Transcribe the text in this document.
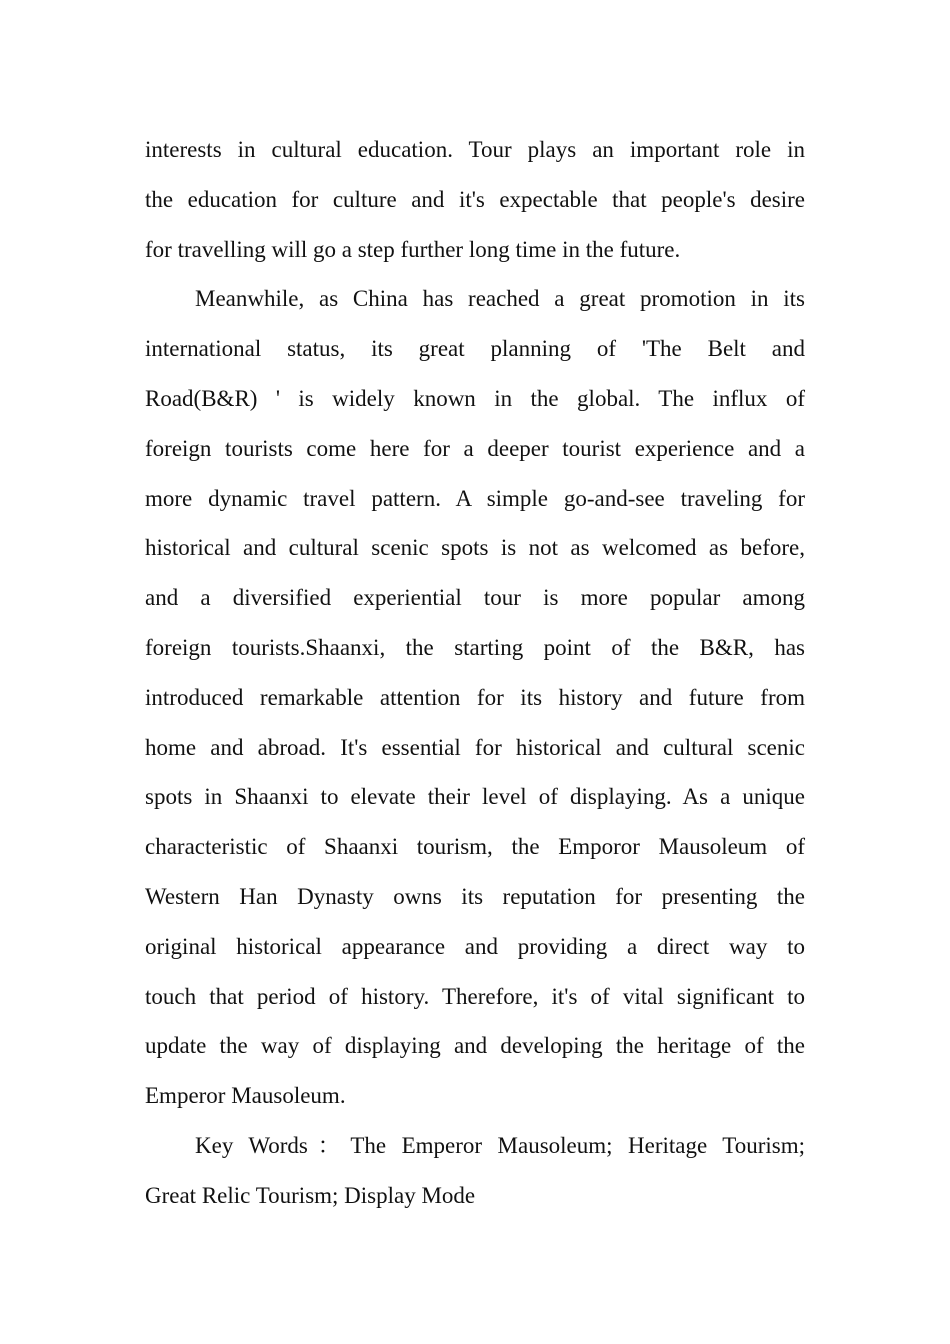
interests in cultural education. Tour plays an important role in
the education for culture and it's expectable that people's desire
for travelling will go a step further long time in the future.
Meanwhile, as China has reached a great promotion in its
international status, its great planning of 'The Belt and
Road(B&R) ' is widely known in the global. The influx of
foreign tourists come here for a deeper tourist experience and a
more dynamic travel pattern. A simple go-and-see traveling for
historical and cultural scenic spots is not as welcomed as before,
and a diversified experiential tour is more popular among
foreign tourists.Shaanxi, the starting point of the B&R, has
introduced remarkable attention for its history and future from
home and abroad. It's essential for historical and cultural scenic
spots in Shaanxi to elevate their level of displaying. As a unique
characteristic of Shaanxi tourism, the Emporor Mausoleum of
Western Han Dynasty owns its reputation for presenting the
original historical appearance and providing a direct way to
touch that period of history. Therefore, it's of vital significant to
update the way of displaying and developing the heritage of the
Emperor Mausoleum.
Key Words：The Emperor Mausoleum; Heritage Tourism;
Great Relic Tourism; Display Mode
